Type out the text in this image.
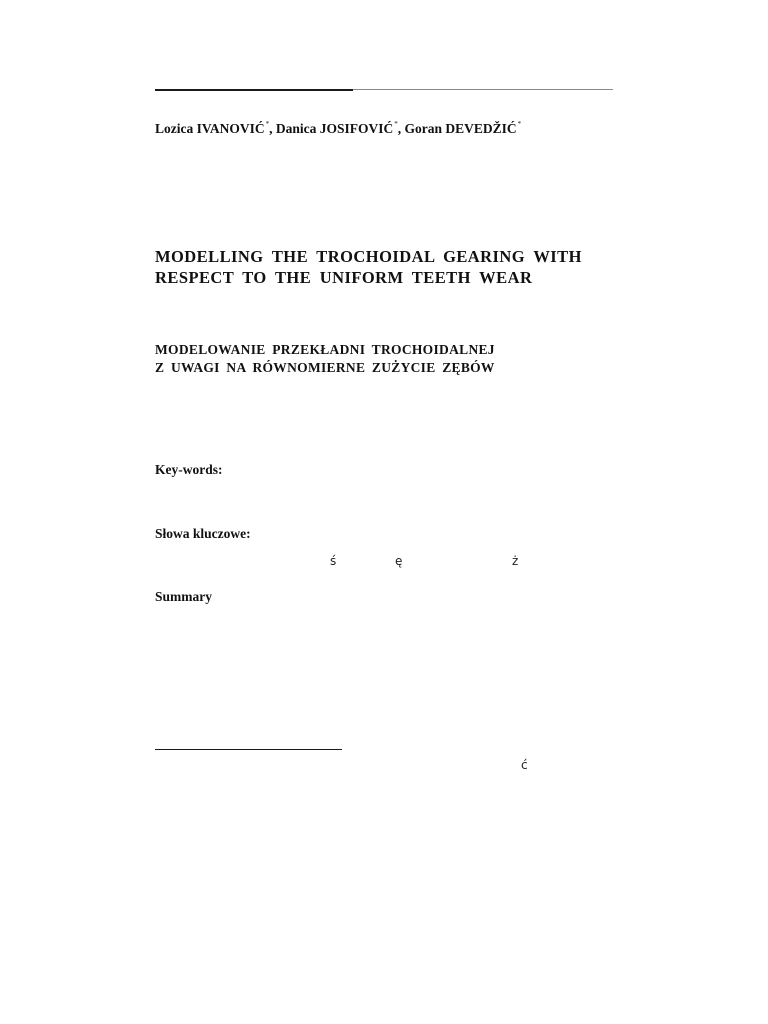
Lozica IVANOVIĆ*, Danica JOSIFOVIĆ*, Goran DEVEDŽIĆ*
MODELLING THE TROCHOIDAL GEARING WITH
RESPECT TO THE UNIFORM TEETH WEAR
MODELOWANIE PRZEKŁADNI TROCHOIDALNEJ
Z UWAGI NA RÓWNOMIERNE ZUŻYCIE ZĘBÓW
Key-words:
Słowa kluczowe:
ś	ę	ż
Summary
ć
